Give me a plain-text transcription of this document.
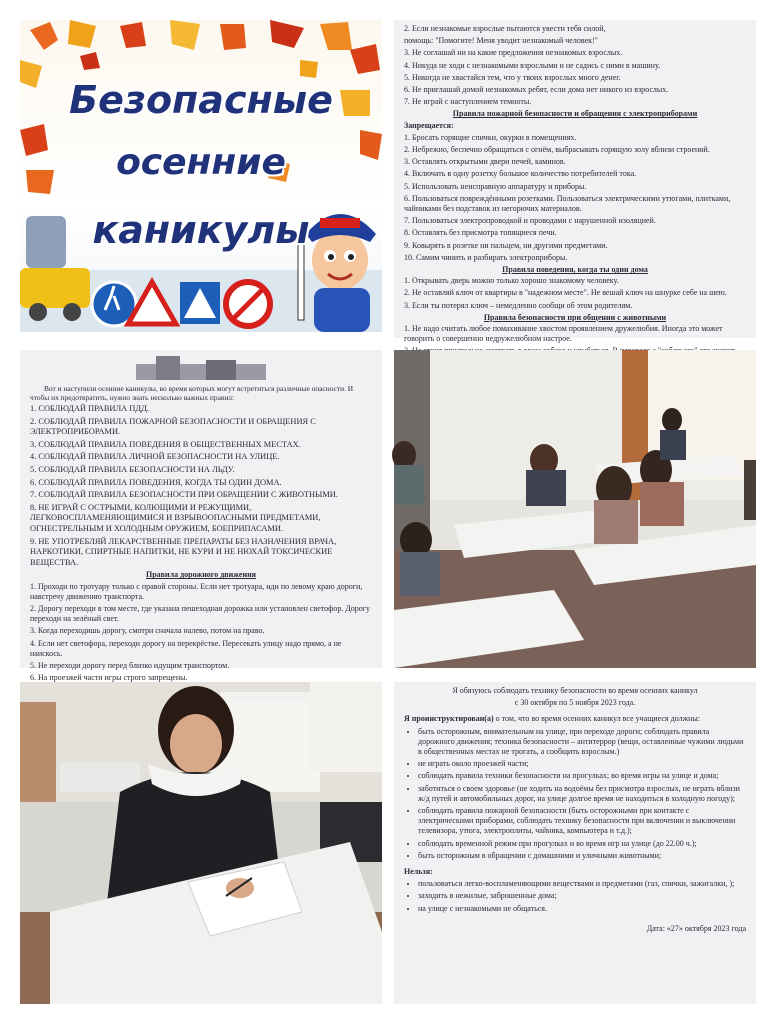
Безопасные
осенние
каникулы

2. Если незнакомые взрослые пытаются увести тебя силой,

помощь: "Помогите! Меня уводит незнакомый человек!"

3. Не соглашай ни на какие предложения незнакомых взрослых.

4. Никуда не ходи с незнакомыми взрослыми и не садись с ними в машину.

5. Никогда не хвастайся тем, что у твоих взрослых много денег.

6. Не приглашай домой незнакомых ребят, если дома нет никого из взрослых.

7. Не играй с наступлением темноты.

Правила пожарной безопасности и обращения с электроприборами

Запрещается:

1. Бросать горящие спички, окурки в помещениях.

2. Небрежно, беспечно обращаться с огнём, выбрасывать горящую золу вблизи строений.

3. Оставлять открытыми двери печей, каминов.

4. Включать в одну розетку большое количество потребителей тока.

5. Использовать неисправную аппаратуру и приборы.

6. Пользоваться повреждёнными розетками. Пользоваться электрическими утюгами, плитками, чайниками без подставок из негорючих материалов.

7. Пользоваться электропроводкой и проводами с нарушенной изоляцией.

8. Оставлять без присмотра топящиеся печи.

9. Ковырять в розетке ни пальцем, ни другими предметами.

10. Самим чинить и разбирать электроприборы.

Правила поведения, когда ты один дома

1. Открывать дверь можно только хорошо знакомому человеку.

2. Не оставляй ключ от квартиры в "надежном месте". Не вешай ключ на шнурке себе на шею.

3. Если ты потерял ключ – немедленно сообщи об этом родителям.

Правила безопасности при общении с животными

1. Не надо считать любое помахивание хвостом проявлением дружелюбия. Иногда это может говорить о совершенно недружелюбном настрое.

Вот и наступили осенние каникулы, во время которых могут встретиться различные опасности. И чтобы их предотвратить, нужно знать несколько важных правил:

1. СОБЛЮДАЙ ПРАВИЛА ПДД.

2. СОБЛЮДАЙ ПРАВИЛА ПОЖАРНОЙ БЕЗОПАСНОСТИ И ОБРАЩЕНИЯ С ЭЛЕКТРОПРИБОРАМИ.

3. СОБЛЮДАЙ ПРАВИЛА ПОВЕДЕНИЯ В ОБЩЕСТВЕННЫХ МЕСТАХ.

4. СОБЛЮДАЙ ПРАВИЛА ЛИЧНОЙ БЕЗОПАСНОСТИ НА УЛИЦЕ.

5. СОБЛЮДАЙ ПРАВИЛА БЕЗОПАСНОСТИ НА ЛЬДУ.

6. СОБЛЮДАЙ ПРАВИЛА ПОВЕДЕНИЯ, КОГДА ТЫ ОДИН ДОМА.

7. СОБЛЮДАЙ ПРАВИЛА БЕЗОПАСНОСТИ ПРИ ОБРАЩЕНИИ С ЖИВОТНЫМИ.

8. НЕ ИГРАЙ С ОСТРЫМИ, КОЛЮЩИМИ И РЕЖУЩИМИ, ЛЕГКОВОСПЛАМЕНЯЮЩИМИСЯ И ВЗРЫВООПАСНЫМИ ПРЕДМЕТАМИ, ОГНЕСТРЕЛЬНЫМ И ХОЛОДНЫМ ОРУЖИЕМ, БОЕПРИПАСАМИ.

9. НЕ УПОТРЕБЛЯЙ ЛЕКАРСТВЕННЫЕ ПРЕПАРАТЫ БЕЗ НАЗНАЧЕНИЯ ВРАЧА, НАРКОТИКИ, СПИРТНЫЕ НАПИТКИ, НЕ КУРИ И НЕ НЮХАЙ ТОКСИЧЕСКИЕ ВЕЩЕСТВА.

Правила дорожного движения

1. Проходи по тротуару только с правой стороны. Если нет тротуара, иди по левому краю дороги, навстречу движению транспорта.

2. Дорогу переходи в том месте, где указана пешеходная дорожка или установлен светофор. Дорогу переходи на зелёный свет.

3. Когда переходишь дорогу, смотри сначала налево, потом на право.

4. Если нет светофора, переходи дорогу на перекрёстке. Пересекать улицу надо прямо, а не наискось.

5. Не переходи дорогу перед близко идущим транспортом.

6. На проезжей части игры строго запрещены.

Я обязуюсь соблюдать технику безопасности во время осенних каникул

с 30 октября по 5 ноября 2023 года.

Я проинструктирован(а) о том, что во время осенних каникул все учащиеся должны:

• быть осторожным, внимательным на улице, при переходе дороги; соблюдать правила дорожного движения; техника безопасности – антитеррор (вещи, оставленные чужими людьми в общественных местах не трогать, а сообщить взрослым.)
• не играть около проезжей части;
• соблюдать правила техники безопасности на прогулках; во время игры на улице и дома;
• заботиться о своем здоровье (не ходить на водоёмы без присмотра взрослых, не играть вблизи ж/д путей и автомобильных дорог, на улице долгое время не находиться в холодную погоду);
• соблюдать правила пожарной безопасности (быть осторожными при контакте с электрическими приборами, соблюдать технику безопасности при включении и выключении телевизора, утюга, электроплиты, чайника, компьютера и т.д.);
• соблюдать временной режим при прогулках и во время игр на улице (до 22.00 ч.);
• быть осторожным в обращении с домашними и уличными животными;

Нельзя:

• пользоваться легко-воспламеняющими веществами и предметами (газ, спички, зажигалки, );
• заходить в нежилые, заброшенные дома;
• на улице с незнакомыми не общаться.

Дата: «27» октября 2023 года
